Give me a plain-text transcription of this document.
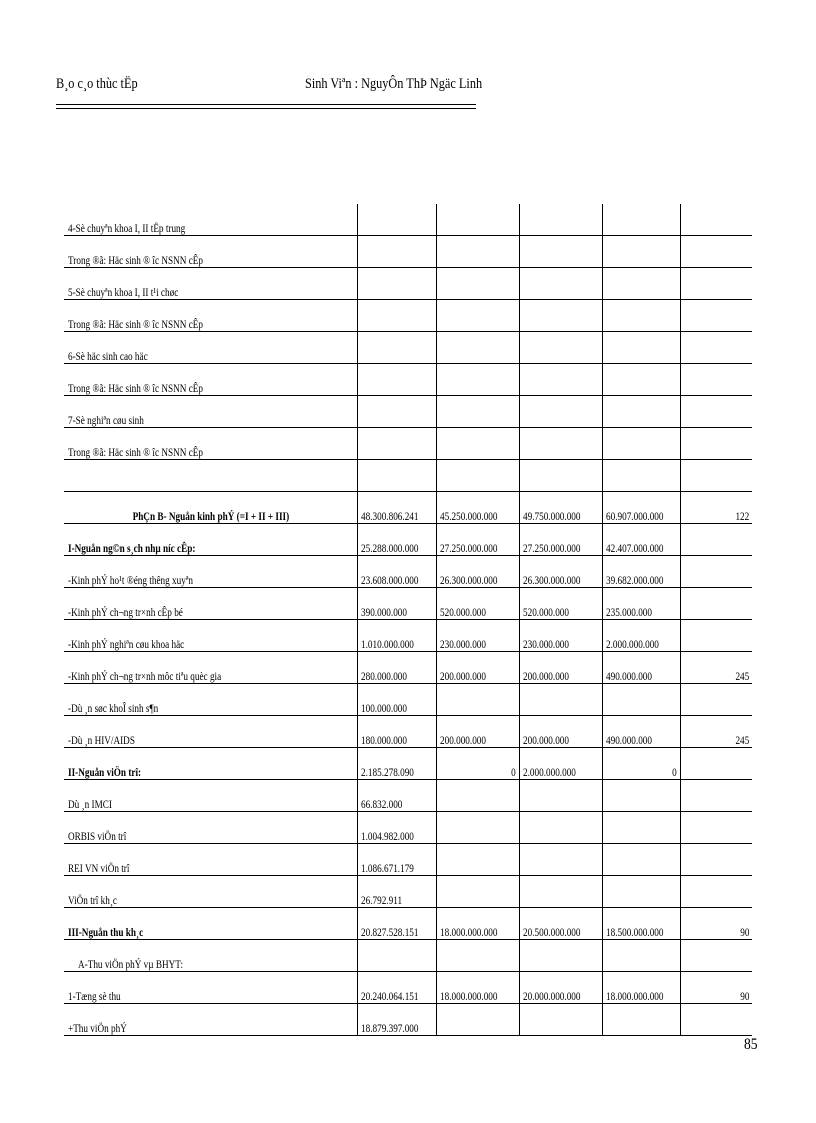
B¸o c¸o thùc tËp	Sinh Viªn : NguyÔn ThÞ Ngäc Linh
4-Sè chuyªn khoa I, II tËp trung					
Trong ®ã: Häc sinh ® îc NSNN cÊp					
5-Sè chuyªn khoa I, II t¹i chøc					
Trong ®ã: Häc sinh ® îc NSNN cÊp					
6-Sè häc sinh cao häc					
Trong ®ã: Häc sinh ® îc NSNN cÊp					
7-Sè nghiªn cøu sinh					
Trong ®ã: Häc sinh ® îc NSNN cÊp					

PhÇn B- Nguån kinh phÝ (=I + II + III)	48.300.806.241	45.250.000.000	49.750.000.000	60.907.000.000	122
I-Nguån ng©n s¸ch nhµ níc cÊp:	25.288.000.000	27.250.000.000	27.250.000.000	42.407.000.000	
-Kinh phÝ ho¹t ®éng thêng xuyªn	23.608.000.000	26.300.000.000	26.300.000.000	39.682.000.000	
-Kinh phÝ ch¬ng tr×nh cÊp bé	390.000.000	520.000.000	520.000.000	235.000.000	
-Kinh phÝ nghiªn cøu khoa häc	1.010.000.000	230.000.000	230.000.000	2.000.000.000	
-Kinh phÝ ch¬ng tr×nh môc tiªu quèc gia	280.000.000	200.000.000	200.000.000	490.000.000	245
-Dù ¸n søc khoÎ sinh s¶n	100.000.000				
-Dù ¸n HIV/AIDS	180.000.000	200.000.000	200.000.000	490.000.000	245
II-Nguån viÖn trî:	2.185.278.090	0	2.000.000.000	0	
Dù ¸n IMCI	66.832.000				
ORBIS viÖn trî	1.004.982.000				
REI VN viÖn trî	1.086.671.179				
ViÖn trî kh¸c	26.792.911				
III-Nguån thu kh¸c	20.827.528.151	18.000.000.000	20.500.000.000	18.500.000.000	90
A-Thu viÖn phÝ vµ BHYT:					
1-Tæng sè thu	20.240.064.151	18.000.000.000	20.000.000.000	18.000.000.000	90
+Thu viÖn phÝ	18.879.397.000				
85
